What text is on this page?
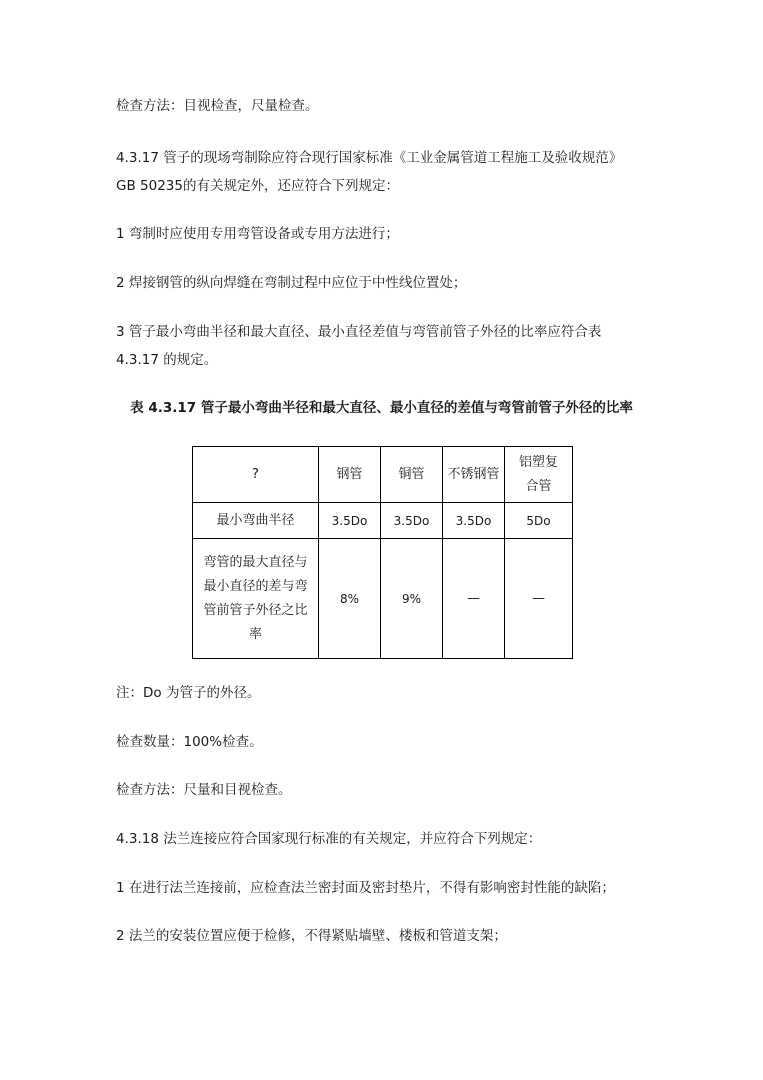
检查方法：目视检查，尺量检查。
4.3.17 管子的现场弯制除应符合现行国家标准《工业金属管道工程施工及验收规范》
GB 50235的有关规定外，还应符合下列规定：
1 弯制时应使用专用弯管设备或专用方法进行；
2 焊接钢管的纵向焊缝在弯制过程中应位于中性线位置处；
3 管子最小弯曲半径和最大直径、最小直径差值与弯管前管子外径的比率应符合表
4.3.17 的规定。
表 4.3.17 管子最小弯曲半径和最大直径、最小直径的差值与弯管前管子外径的比率
?	钢管	铜管	不锈钢管	铝塑复合管
最小弯曲半径	3.5Do	3.5Do	3.5Do	5Do
弯管的最大直径与最小直径的差与弯管前管子外径之比率	8%	9%	—	—
注：Do 为管子的外径。
检查数量：100%检查。
检查方法：尺量和目视检查。
4.3.18 法兰连接应符合国家现行标准的有关规定，并应符合下列规定：
1 在进行法兰连接前，应检查法兰密封面及密封垫片，不得有影响密封性能的缺陷；
2 法兰的安装位置应便于检修，不得紧贴墙壁、楼板和管道支架；
